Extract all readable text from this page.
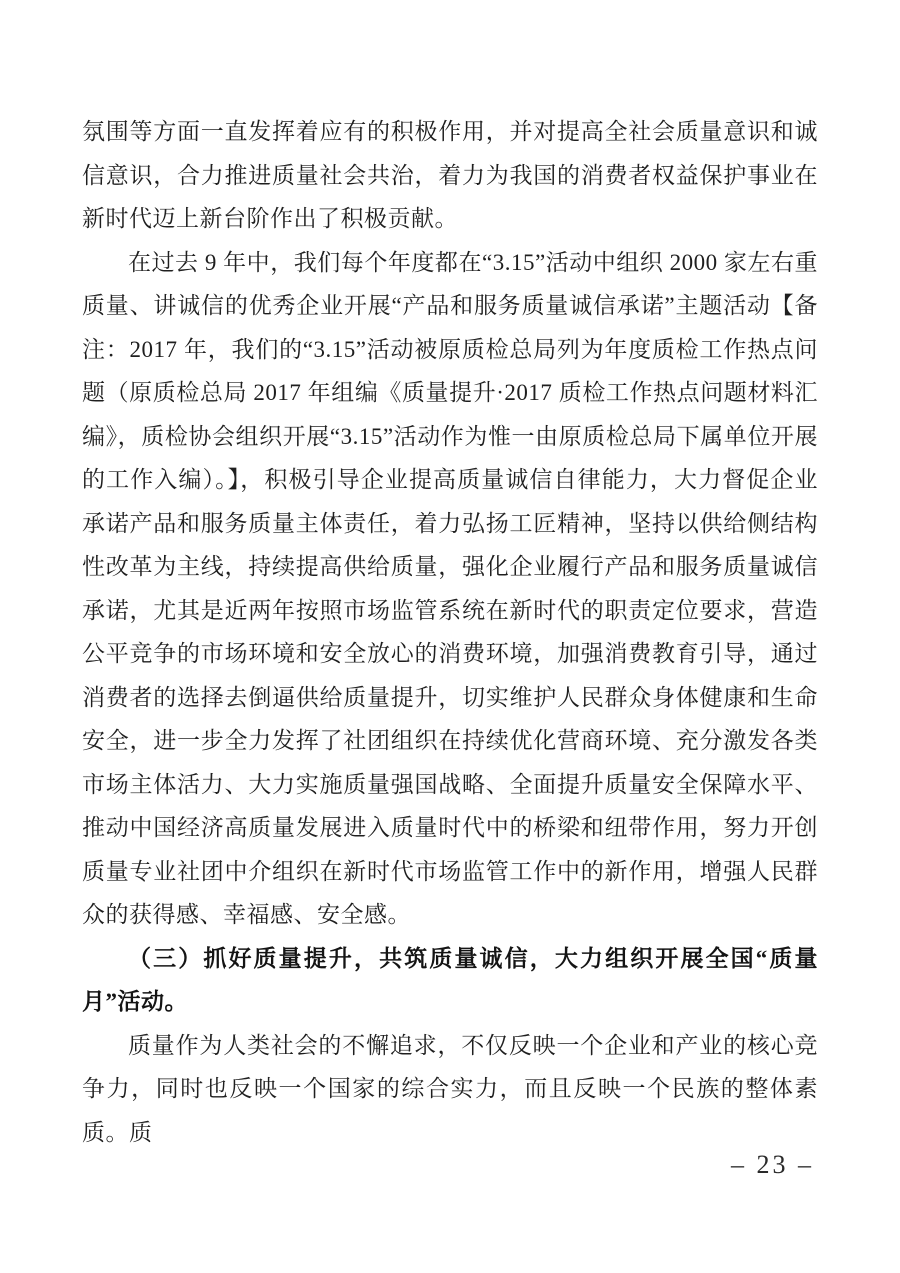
氛围等方面一直发挥着应有的积极作用，并对提高全社会质量意识和诚信意识，合力推进质量社会共治，着力为我国的消费者权益保护事业在新时代迈上新台阶作出了积极贡献。

在过去 9 年中，我们每个年度都在“3.15”活动中组织 2000 家左右重质量、讲诚信的优秀企业开展“产品和服务质量诚信承诺”主题活动【备注：2017 年，我们的“3.15”活动被原质检总局列为年度质检工作热点问题（原质检总局 2017 年组编《质量提升·2017 质检工作热点问题材料汇编》，质检协会组织开展“3.15”活动作为惟一由原质检总局下属单位开展的工作入编）。】，积极引导企业提高质量诚信自律能力，大力督促企业承诺产品和服务质量主体责任，着力弘扬工匠精神，坚持以供给侧结构性改革为主线，持续提高供给质量，强化企业履行产品和服务质量诚信承诺，尤其是近两年按照市场监管系统在新时代的职责定位要求，营造公平竞争的市场环境和安全放心的消费环境，加强消费教育引导，通过消费者的选择去倒逼供给质量提升，切实维护人民群众身体健康和生命安全，进一步全力发挥了社团组织在持续优化营商环境、充分激发各类市场主体活力、大力实施质量强国战略、全面提升质量安全保障水平、推动中国经济高质量发展进入质量时代中的桥梁和纽带作用，努力开创质量专业社团中介组织在新时代市场监管工作中的新作用，增强人民群众的获得感、幸福感、安全感。

（三）抓好质量提升，共筑质量诚信，大力组织开展全国“质量月”活动。

质量作为人类社会的不懈追求，不仅反映一个企业和产业的核心竞争力，同时也反映一个国家的综合实力，而且反映一个民族的整体素质。质

– 23 –
